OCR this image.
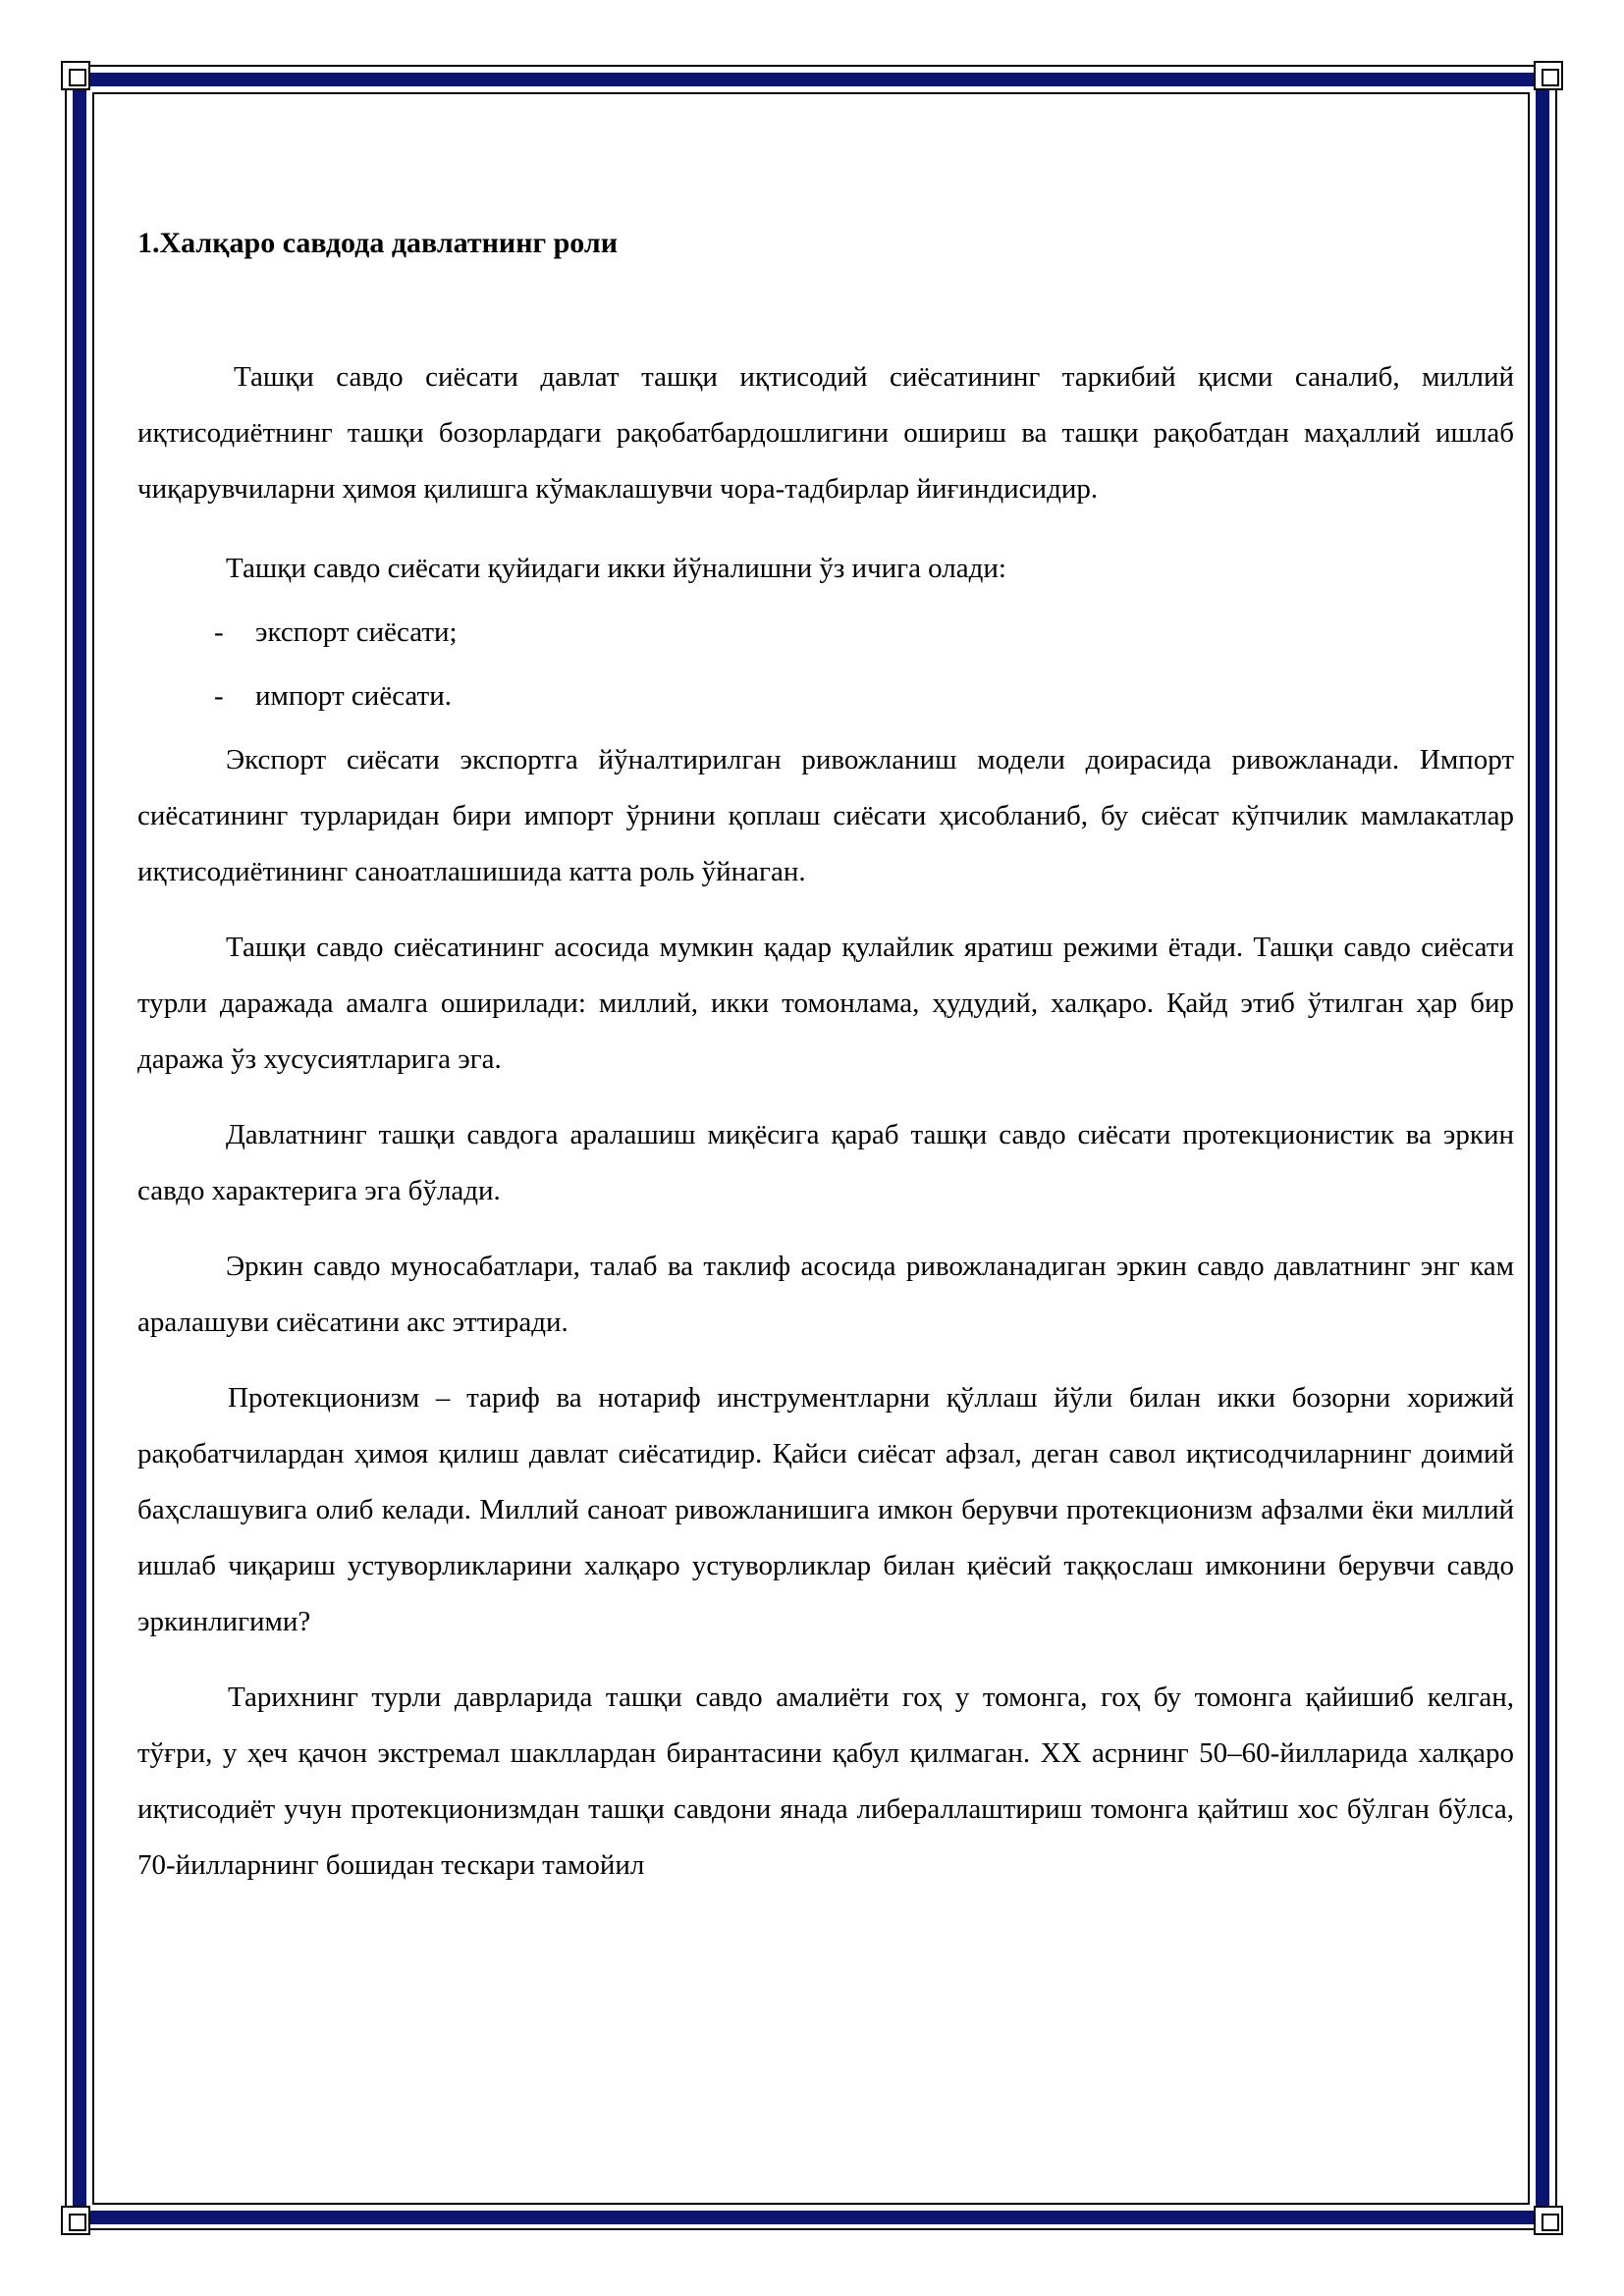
1.Халқаро савдода давлатнинг роли

Ташқи савдо сиёсати давлат ташқи иқтисодий сиёсатининг таркибий қисми саналиб, миллий иқтисодиётнинг ташқи бозорлардаги рақобатбардошлигини ошириш ва ташқи рақобатдан маҳаллий ишлаб чиқарувчиларни ҳимоя қилишга кўмаклашувчи чора-тадбирлар йиғиндисидир.

Ташқи савдо сиёсати қуйидаги икки йўналишни ўз ичига олади:

- экспорт сиёсати;
- импорт сиёсати.

Экспорт сиёсати экспортга йўналтирилган ривожланиш модели доирасида ривожланади. Импорт сиёсатининг турларидан бири импорт ўрнини қоплаш сиёсати ҳисобланиб, бу сиёсат кўпчилик мамлакатлар иқтисодиётининг саноатлашишида катта роль ўйнаган.

Ташқи савдо сиёсатининг асосида мумкин қадар қулайлик яратиш режими ётади. Ташқи савдо сиёсати турли даражада амалга оширилади: миллий, икки томонлама, ҳудудий, халқаро. Қайд этиб ўтилган ҳар бир даража ўз хусусиятларига эга.

Давлатнинг ташқи савдога аралашиш миқёсига қараб ташқи савдо сиёсати протекционистик ва эркин савдо характерига эга бўлади.

Эркин савдо муносабатлари, талаб ва таклиф асосида ривожланадиган эркин савдо давлатнинг энг кам аралашуви сиёсатини акс эттиради.

Протекционизм – тариф ва нотариф инструментларни қўллаш йўли билан икки бозорни хорижий рақобатчилардан ҳимоя қилиш давлат сиёсатидир. Қайси сиёсат афзал, деган савол иқтисодчиларнинг доимий баҳслашувига олиб келади. Миллий саноат ривожланишига имкон берувчи протекционизм афзалми ёки миллий ишлаб чиқариш устуворликларини халқаро устуворликлар билан қиёсий таққослаш имконини берувчи савдо эркинлигими?

Тарихнинг турли даврларида ташқи савдо амалиёти гоҳ у томонга, гоҳ бу томонга қайишиб келган, тўғри, у ҳеч қачон экстремал шакллардан бирантасини қабул қилмаган. XX асрнинг 50–60-йилларида халқаро иқтисодиёт учун протекционизмдан ташқи савдони янада либераллаштириш томонга қайтиш хос бўлган бўлса, 70-йилларнинг бошидан тескари тамойил
